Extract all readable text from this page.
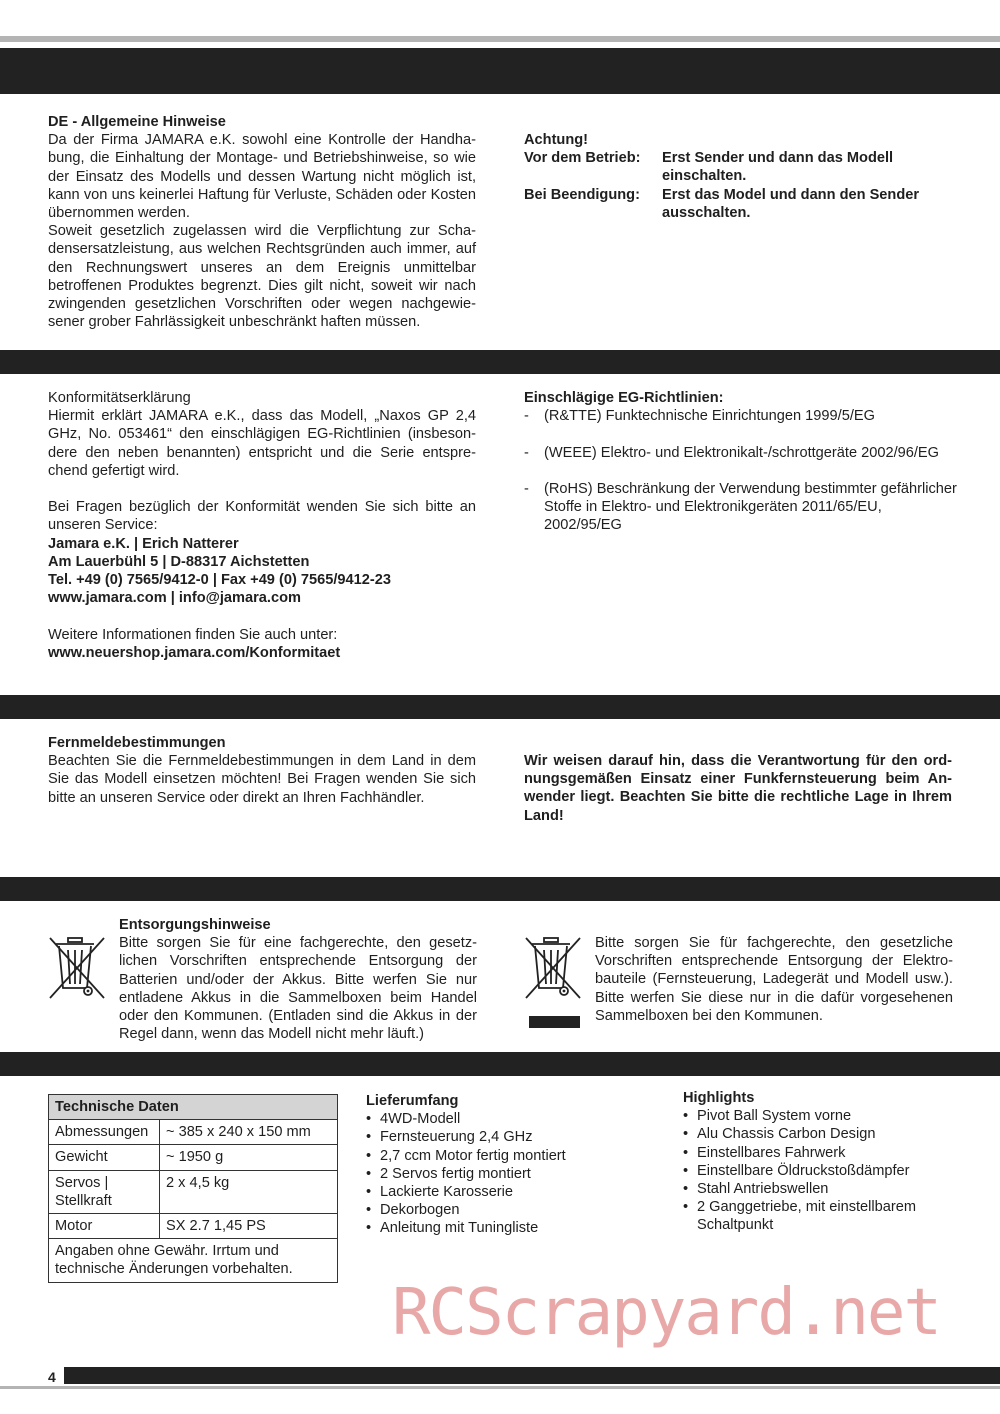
DE - Allgemeine Hinweise

Da der Firma JAMARA e.K. sowohl eine Kontrolle der Handhabung, die Einhaltung der Montage- und Betriebshinweise, so wie der Einsatz des Modells und dessen Wartung nicht möglich ist, kann von uns keinerlei Haftung für Verluste, Schäden oder Kosten übernommen werden.

Soweit gesetzlich zugelassen wird die Verpflichtung zur Schadensersatzleistung, aus welchen Rechtsgründen auch immer, auf den Rechnungswert unseres an dem Ereignis unmittelbar betroffenen Produktes begrenzt. Dies gilt nicht, soweit wir nach zwingenden gesetzlichen Vorschriften oder wegen nachgewiesener grober Fahrlässigkeit unbeschränkt haften müssen.

Achtung!

Vor dem Betrieb:	Erst Sender und dann das Modell einschalten.
Bei Beendigung:	Erst das Model und dann den Sender ausschalten.

Konformitätserklärung

Hiermit erklärt JAMARA e.K., dass das Modell, „Naxos GP 2,4 GHz, No. 053461“ den einschlägigen EG-Richtlinien (insbesondere den neben benannten) entspricht und die Serie entsprechend gefertigt wird.

Bei Fragen bezüglich der Konformität wenden Sie sich bitte an unseren Service:

Jamara e.K. | Erich Natterer

Am Lauerbühl 5 | D-88317 Aichstetten

Tel. +49 (0) 7565/9412-0 | Fax +49 (0) 7565/9412-23

www.jamara.com | info@jamara.com

Weitere Informationen finden Sie auch unter:

www.neuershop.jamara.com/Konformitaet

Einschlägige EG-Richtlinien:

- (R&TTE) Funktechnische Einrichtungen 1999/5/EG
- (WEEE) Elektro- und Elektronikalt-/schrottgeräte 2002/96/EG
- (RoHS) Beschränkung der Verwendung bestimmter gefährlicher Stoffe in Elektro- und Elektronikgeräten 2011/65/EU, 2002/95/EG

Fernmeldebestimmungen

Beachten Sie die Fernmeldebestimmungen in dem Land in dem Sie das Modell einsetzen möchten! Bei Fragen wenden Sie sich bitte an unseren Service oder direkt an Ihren Fachhändler.

Wir weisen darauf hin, dass die Verantwortung für den ordnungsgemäßen Einsatz einer Funkfernsteuerung beim Anwender liegt. Beachten Sie bitte die rechtliche Lage in Ihrem Land!

Entsorgungshinweise

Bitte sorgen Sie für eine fachgerechte, den gesetzlichen Vorschriften entsprechende Entsorgung der Batterien und/oder der Akkus. Bitte werfen Sie nur entladene Akkus in die Sammelboxen beim Handel oder den Kommunen. (Entladen sind die Akkus in der Regel dann, wenn das Modell nicht mehr läuft.)

Bitte sorgen Sie für fachgerechte, den gesetzliche Vorschriften entsprechende Entsorgung der Elektrobauteile (Fernsteuerung, Ladegerät und Modell usw.). Bitte werfen Sie diese nur in die dafür vorgesehenen Sammelboxen bei den Kommunen.
Technische Daten	
Abmessungen	~ 385 x 240 x 150 mm
Gewicht	~ 1950 g
Servos | Stellkraft	2 x 4,5 kg
Motor	SX 2.7 1,45 PS
Angaben ohne Gewähr. Irrtum und technische Änderungen vorbehalten.	

Lieferumfang

• 4WD-Modell
• Fernsteuerung 2,4 GHz
• 2,7 ccm Motor fertig montiert
• 2 Servos fertig montiert
• Lackierte Karosserie
• Dekorbogen
• Anleitung mit Tuningliste

Highlights

• Pivot Ball System vorne
• Alu Chassis Carbon Design
• Einstellbares Fahrwerk
• Einstellbare Öldruckstoßdämpfer
• Stahl Antriebswellen
• 2 Ganggetriebe, mit einstellbarem Schaltpunkt
RCScrapyard.net
4
